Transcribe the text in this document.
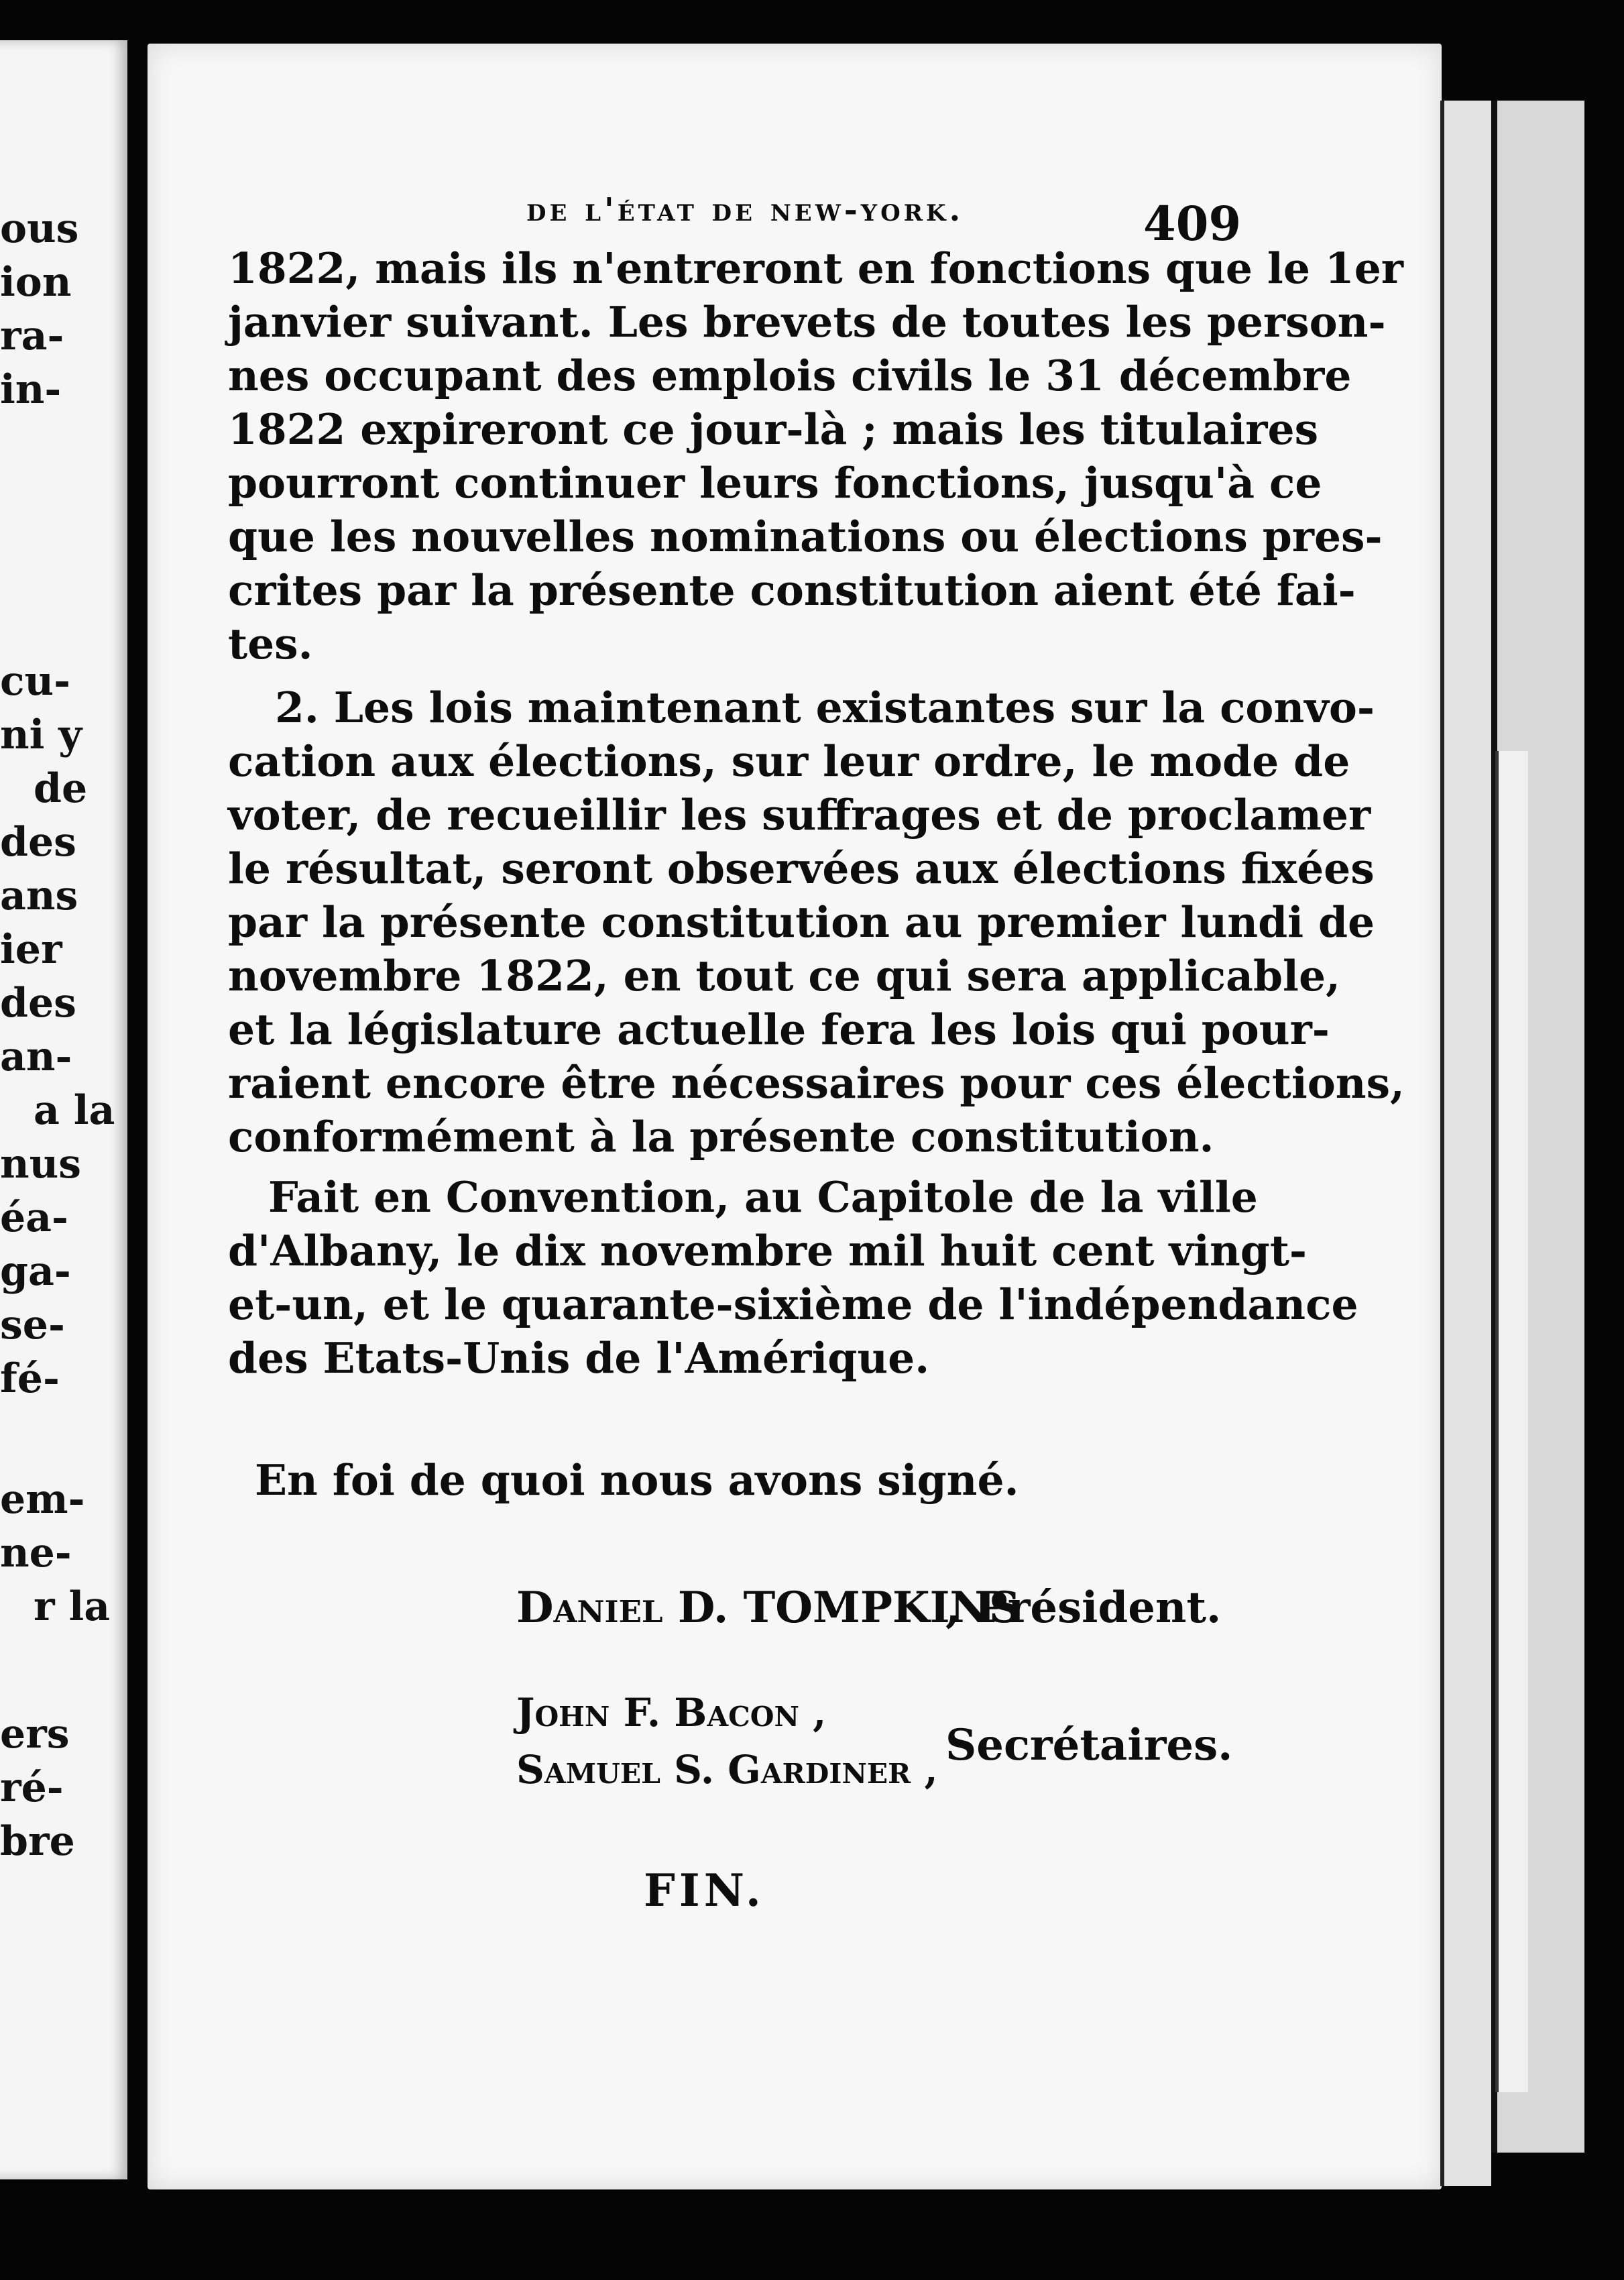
ous
ion
ra-
in-
cu-
ni y
de
des
ans
ier
des
an-
a la
nus
éa-
ga-
se-
fé-
em-
ne-
r la
ers
ré-
bre
de l'état de new-york.	409
1822, mais ils n'entreront en fonctions que le 1er
janvier suivant. Les brevets de toutes les person-
nes occupant des emplois civils le 31 décembre
1822 expireront ce jour-là ; mais les titulaires
pourront continuer leurs fonctions, jusqu'à ce
que les nouvelles nominations ou élections pres-
crites par la présente constitution aient été fai-
tes.
2. Les lois maintenant existantes sur la convo-
cation aux élections, sur leur ordre, le mode de
voter, de recueillir les suffrages et de proclamer
le résultat, seront observées aux élections fixées
par la présente constitution au premier lundi de
novembre 1822, en tout ce qui sera applicable,
et la législature actuelle fera les lois qui pour-
raient encore être nécessaires pour ces élections,
conformément à la présente constitution.
Fait en Convention, au Capitole de la ville
d'Albany, le dix novembre mil huit cent vingt-
et-un, et le quarante-sixième de l'indépendance
des Etats-Unis de l'Amérique.
En foi de quoi nous avons signé.
Daniel D. TOMPKINS
, Président.
John F. Bacon ,
Samuel S. Gardiner , Secrétaires.
FIN.
